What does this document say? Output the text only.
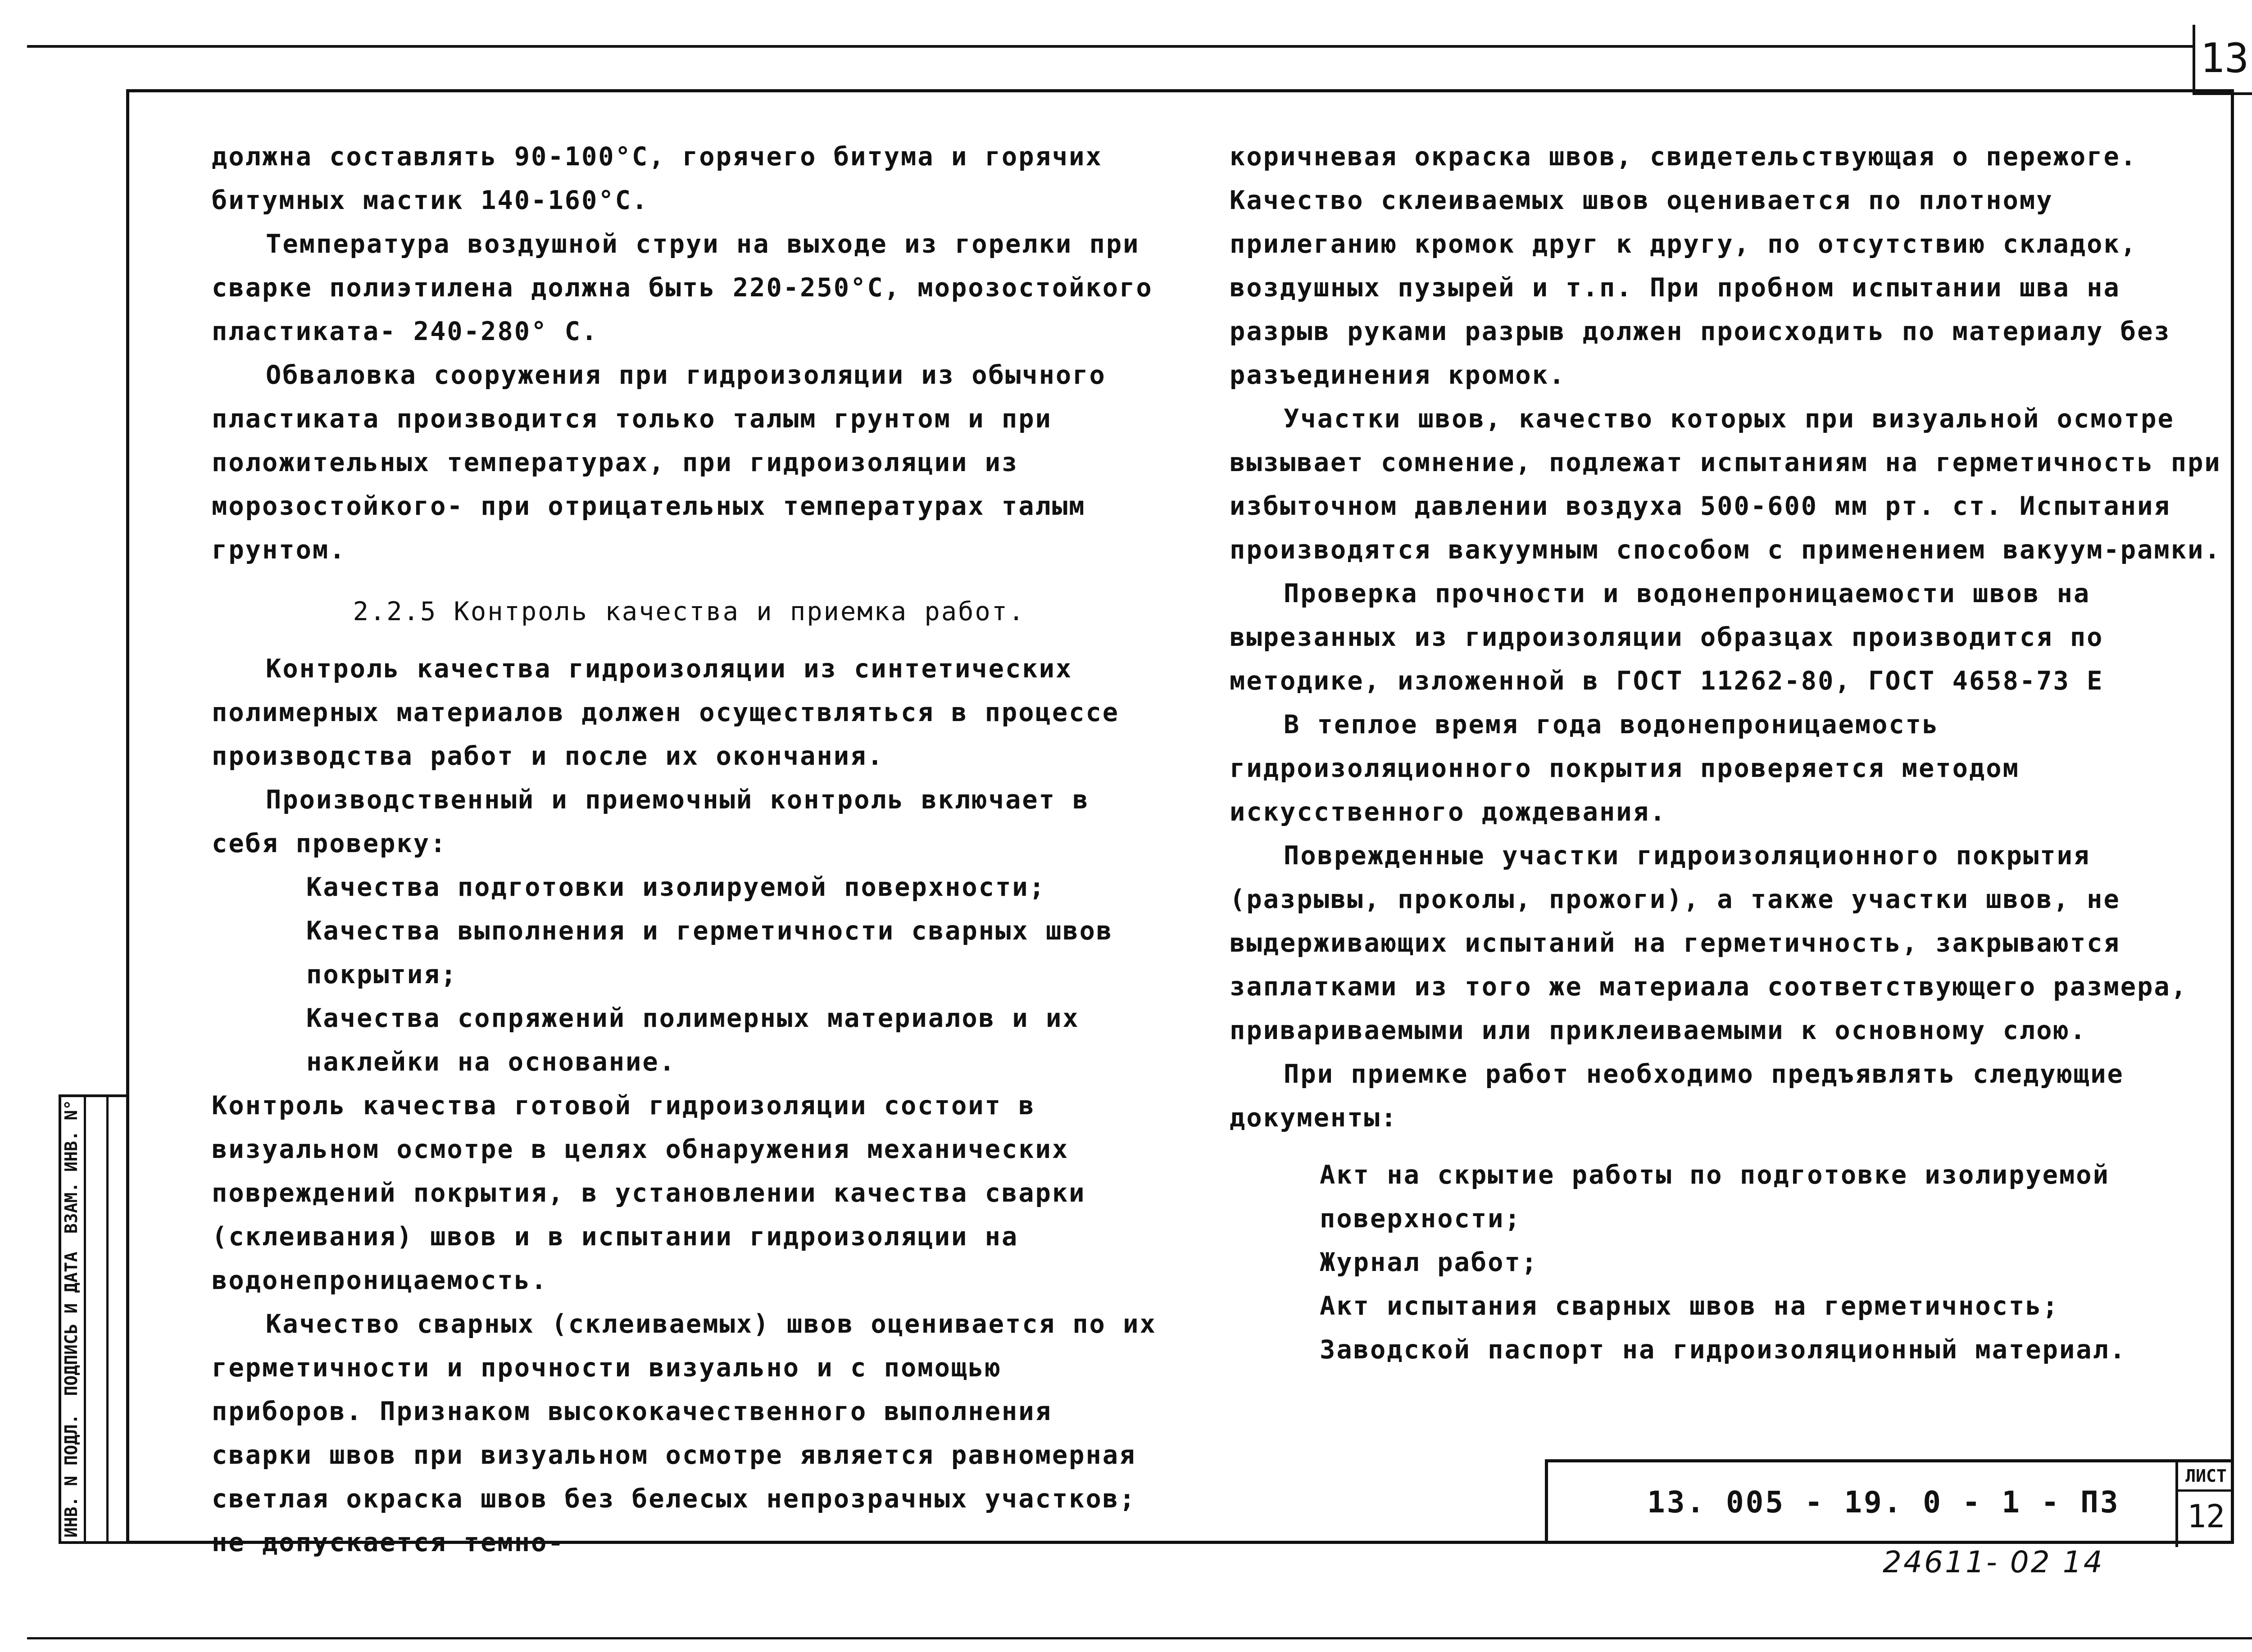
13
ИНВ. N ПОДЛ.
ПОДПИСЬ И ДАТА
ВЗАМ. ИНВ. N°

должна составлять 90-100°С, горячего битума и горячих битумных мастик 140-160°С.

Температура воздушной струи на выходе из горелки при сварке полиэтилена должна быть 220-250°С, морозостойкого пластиката- 240-280° С.

Обваловка сооружения при гидроизоляции из обычного пластиката производится только талым грунтом и при положительных температурах, при гидроизоляции из морозостойкого- при отрицательных температурах талым грунтом.

2.2.5 Контроль качества и приемка работ.

Контроль качества гидроизоляции из синтетических полимерных материалов должен осуществляться в процессе производства работ и после их окончания.

Производственный и приемочный контроль включает в себя проверку:

Качества подготовки изолируемой поверхности;

Качества выполнения и герметичности сварных швов покрытия;

Качества сопряжений полимерных материалов и их наклейки на основание.

Контроль качества готовой гидроизоляции состоит в визуальном осмотре в целях обнаружения механических повреждений покрытия, в установлении качества сварки (склеивания) швов и в испытании гидроизоляции на водонепроницаемость.

Качество сварных (склеиваемых) швов оценивается по их герметичности и прочности визуально и с помощью приборов. Признаком высококачественного выполнения сварки швов при визуальном осмотре является равномерная светлая окраска швов без белесых непрозрачных участков; не допускается темно-

коричневая окраска швов, свидетельствующая о пережоге. Качество склеиваемых швов оценивается по плотному прилеганию кромок друг к другу, по отсутствию складок, воздушных пузырей и т.п. При пробном испытании шва на разрыв руками разрыв должен происходить по материалу без разъединения кромок.

Участки швов, качество которых при визуальной осмотре вызывает сомнение, подлежат испытаниям на герметичность при избыточном давлении воздуха 500-600 мм рт. ст. Испытания производятся вакуумным способом с применением вакуум-рамки.

Проверка прочности и водонепроницаемости швов на вырезанных из гидроизоляции образцах производится по методике, изложенной в ГОСТ 11262-80, ГОСТ 4658-73 Е

В теплое время года водонепроницаемость гидроизоляционного покрытия проверяется методом искусственного дождевания.

Поврежденные участки гидроизоляционного покрытия (разрывы, проколы, прожоги), а также участки швов, не выдерживающих испытаний на герметичность, закрываются заплатками из того же материала соответствующего размера, привариваемыми или приклеиваемыми к основному слою.

При приемке работ необходимо предъявлять следующие документы:

Акт на скрытие работы по подготовке изолируемой поверхности;

Журнал работ;

Акт испытания сварных швов на герметичность;

Заводской паспорт на гидроизоляционный материал.

13. 005 - 19. 0 - 1 - ПЗ
ЛИСТ
12
24611- 02 14
